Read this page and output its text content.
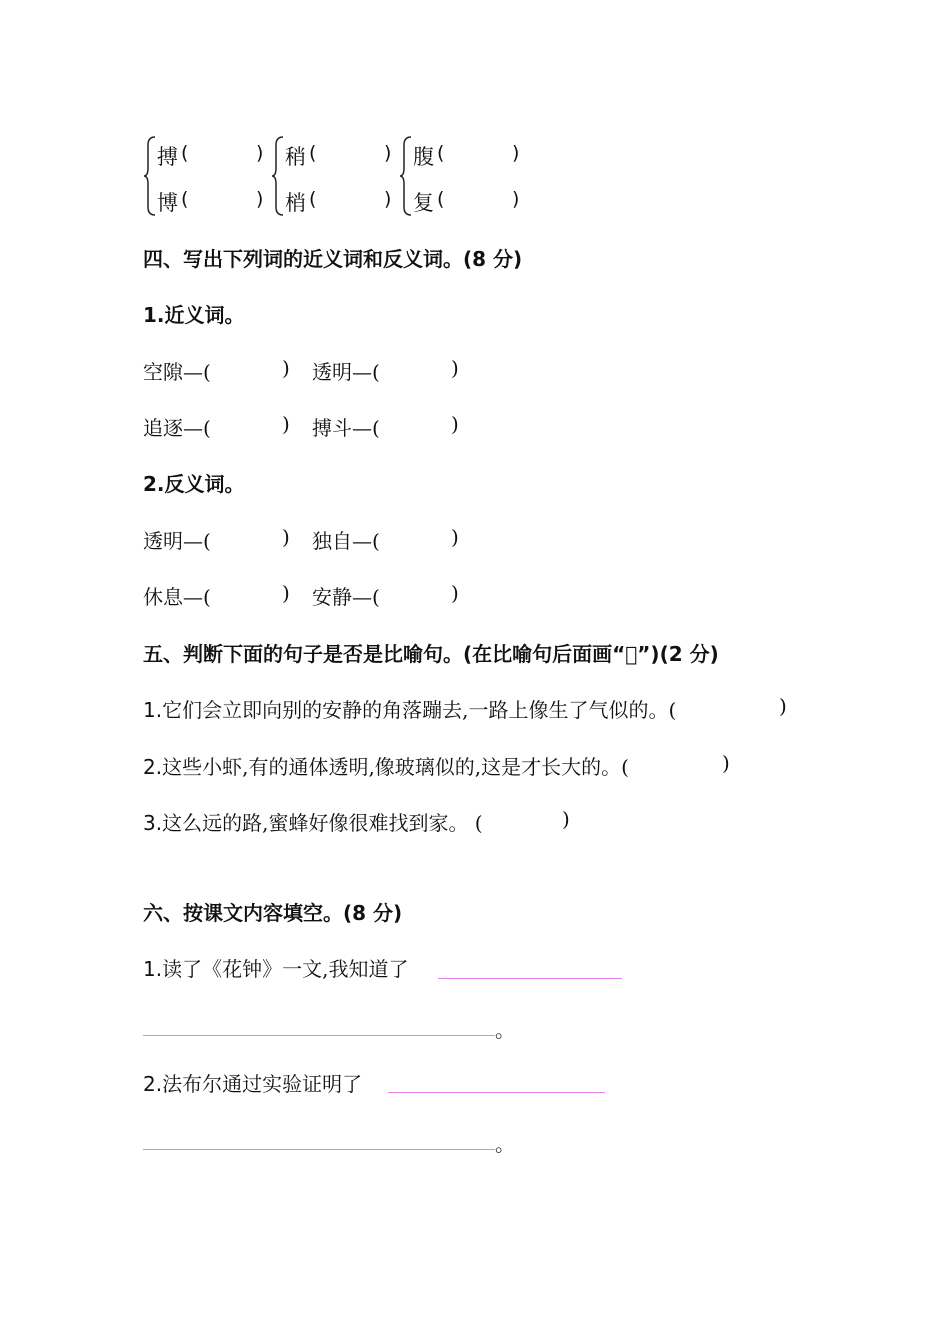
搏 (	)
博 (	)
稍 (	)
梢 (	)
腹 (	)
复 (	)
四、写出下列词的近义词和反义词。(8 分)
1.近义词。
空隙—(	) 透明—(	)
追逐—(	) 搏斗—(	)
2.反义词。
透明—(	) 独自—(	)
休息—(	) 安静—(	)
五、判断下面的句子是否是比喻句。(在比喻句后面画“􀳫”)(2 分)
1.它们会立即向别的安静的角落蹦去,一路上像生了气似的。(	)
2.这些小虾,有的通体透明,像玻璃似的,这是才长大的。(	)
3.这么远的路,蜜蜂好像很难找到家。 (	)
六、按课文内容填空。(8 分)
1.读了《花钟》一文,我知道了
。
2.法布尔通过实验证明了
。
